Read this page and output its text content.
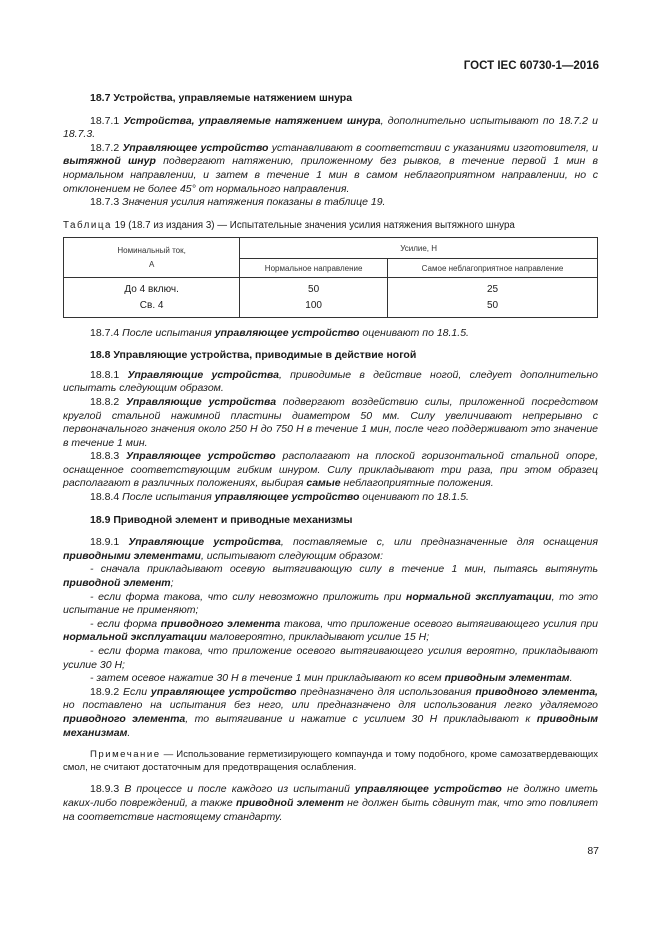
ГОСТ IEC 60730-1—2016

18.7 Устройства, управляемые натяжением шнура

18.7.1 Устройства, управляемые натяжением шнура, дополнительно испытывают по 18.7.2 и 18.7.3.

18.7.2 Управляющее устройство устанавливают в соответствии с указаниями изготовителя, и вытяжной шнур подвергают натяжению, приложенному без рывков, в течение первой 1 мин в нормальном направлении, и затем в течение 1 мин в самом неблагоприятном направлении, но с отклонением не более 45° от нормального направления.

18.7.3 Значения усилия натяжения показаны в таблице 19.

Таблица 19 (18.7 из издания 3) — Испытательные значения усилия натяжения вытяжного шнура

Номинальный ток,
А	Усилие, Н	
	Нормальное направление	Самое неблагоприятное направление
До 4 включ.	50	25
Св. 4	100	50

18.7.4 После испытания управляющее устройство оценивают по 18.1.5.

18.8 Управляющие устройства, приводимые в действие ногой

18.8.1 Управляющие устройства, приводимые в действие ногой, следует дополнительно испытать следующим образом.

18.8.2 Управляющие устройства подвергают воздействию силы, приложенной посредством круглой стальной нажимной пластины диаметром 50 мм. Силу увеличивают непрерывно с первоначального значения около 250 Н до 750 Н в течение 1 мин, после чего поддерживают это значение в течение 1 мин.

18.8.3 Управляющее устройство располагают на плоской горизонтальной стальной опоре, оснащенное соответствующим гибким шнуром. Силу прикладывают три раза, при этом образец располагают в различных положениях, выбирая самые неблагоприятные положения.

18.8.4 После испытания управляющее устройство оценивают по 18.1.5.

18.9 Приводной элемент и приводные механизмы

18.9.1 Управляющие устройства, поставляемые с, или предназначенные для оснащения приводными элементами, испытывают следующим образом:

- сначала прикладывают осевую вытягивающую силу в течение 1 мин, пытаясь вытянуть приводной элемент;

- если форма такова, что силу невозможно приложить при нормальной эксплуатации, то это испытание не применяют;

- если форма приводного элемента такова, что приложение осевого вытягивающего усилия при нормальной эксплуатации маловероятно, прикладывают усилие 15 Н;

- если форма такова, что приложение осевого вытягивающего усилия вероятно, прикладывают усилие 30 Н;

- затем осевое нажатие 30 Н в течение 1 мин прикладывают ко всем приводным элементам.

18.9.2 Если управляющее устройство предназначено для использования приводного элемента, но поставлено на испытания без него, или предназначено для использования легко удаляемого приводного элемента, то вытягивание и нажатие с усилием 30 Н прикладывают к приводным механизмам.

Примечание — Использование герметизирующего компаунда и тому подобного, кроме самозатвердевающих смол, не считают достаточным для предотвращения ослабления.

18.9.3 В процессе и после каждого из испытаний управляющее устройство не должно иметь каких-либо повреждений, а также приводной элемент не должен быть сдвинут так, что это повлияет на соответствие настоящему стандарту.

87
